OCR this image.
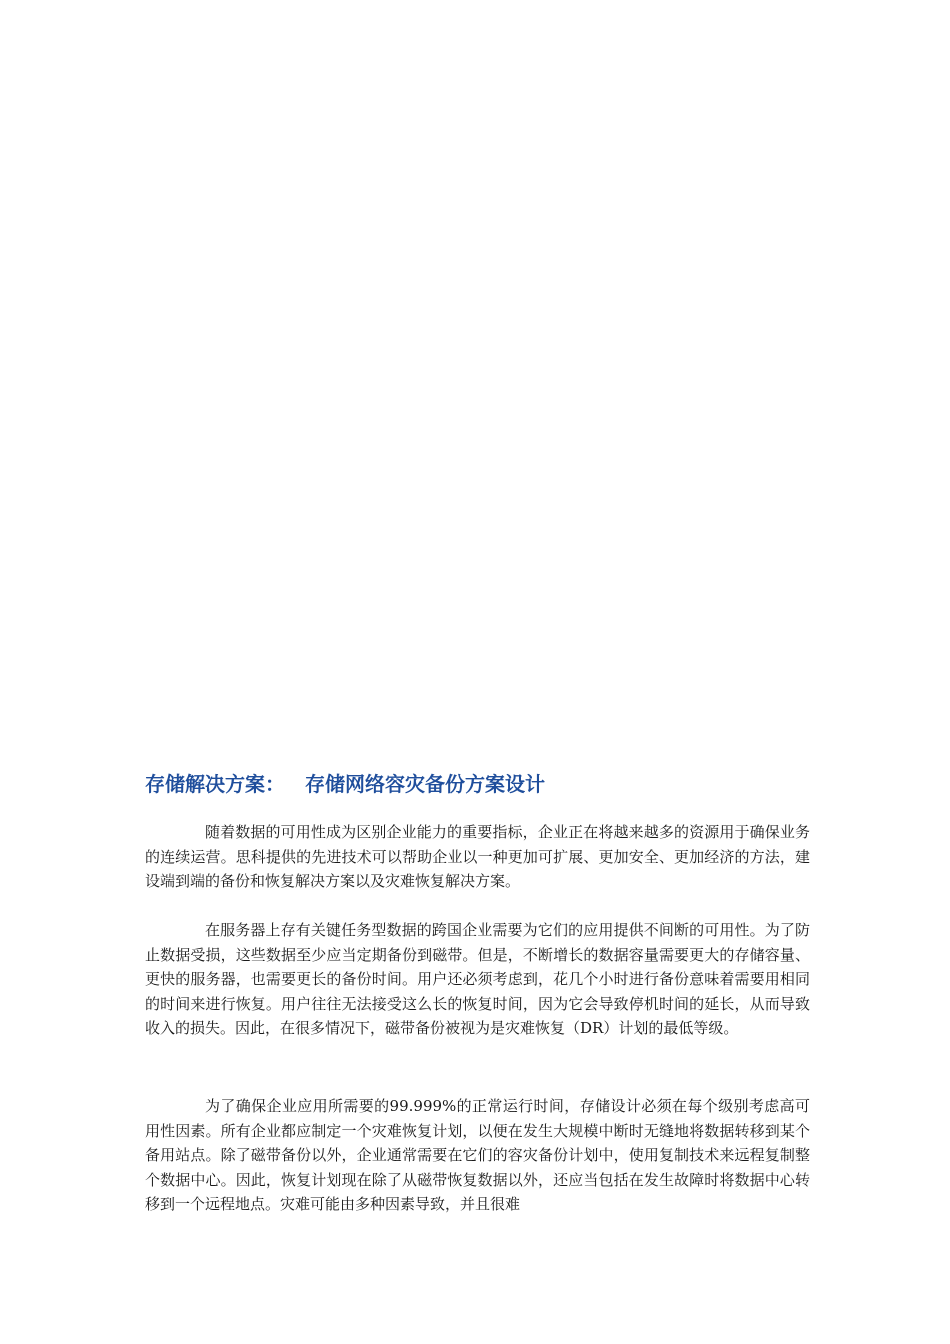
存储解决方案： 存储网络容灾备份方案设计

随着数据的可用性成为区别企业能力的重要指标，企业正在将越来越多的资源用于确保业务的连续运营。思科提供的先进技术可以帮助企业以一种更加可扩展、更加安全、更加经济的方法，建设端到端的备份和恢复解决方案以及灾难恢复解决方案。

在服务器上存有关键任务型数据的跨国企业需要为它们的应用提供不间断的可用性。为了防止数据受损，这些数据至少应当定期备份到磁带。但是，不断增长的数据容量需要更大的存储容量、更快的服务器，也需要更长的备份时间。用户还必须考虑到，花几个小时进行备份意味着需要用相同的时间来进行恢复。用户往往无法接受这么长的恢复时间，因为它会导致停机时间的延长，从而导致收入的损失。因此，在很多情况下，磁带备份被视为是灾难恢复（DR）计划的最低等级。

为了确保企业应用所需要的99.999%的正常运行时间，存储设计必须在每个级别考虑高可用性因素。所有企业都应制定一个灾难恢复计划，以便在发生大规模中断时无缝地将数据转移到某个备用站点。除了磁带备份以外，企业通常需要在它们的容灾备份计划中，使用复制技术来远程复制整个数据中心。因此，恢复计划现在除了从磁带恢复数据以外，还应当包括在发生故障时将数据中心转移到一个远程地点。灾难可能由多种因素导致，并且很难
